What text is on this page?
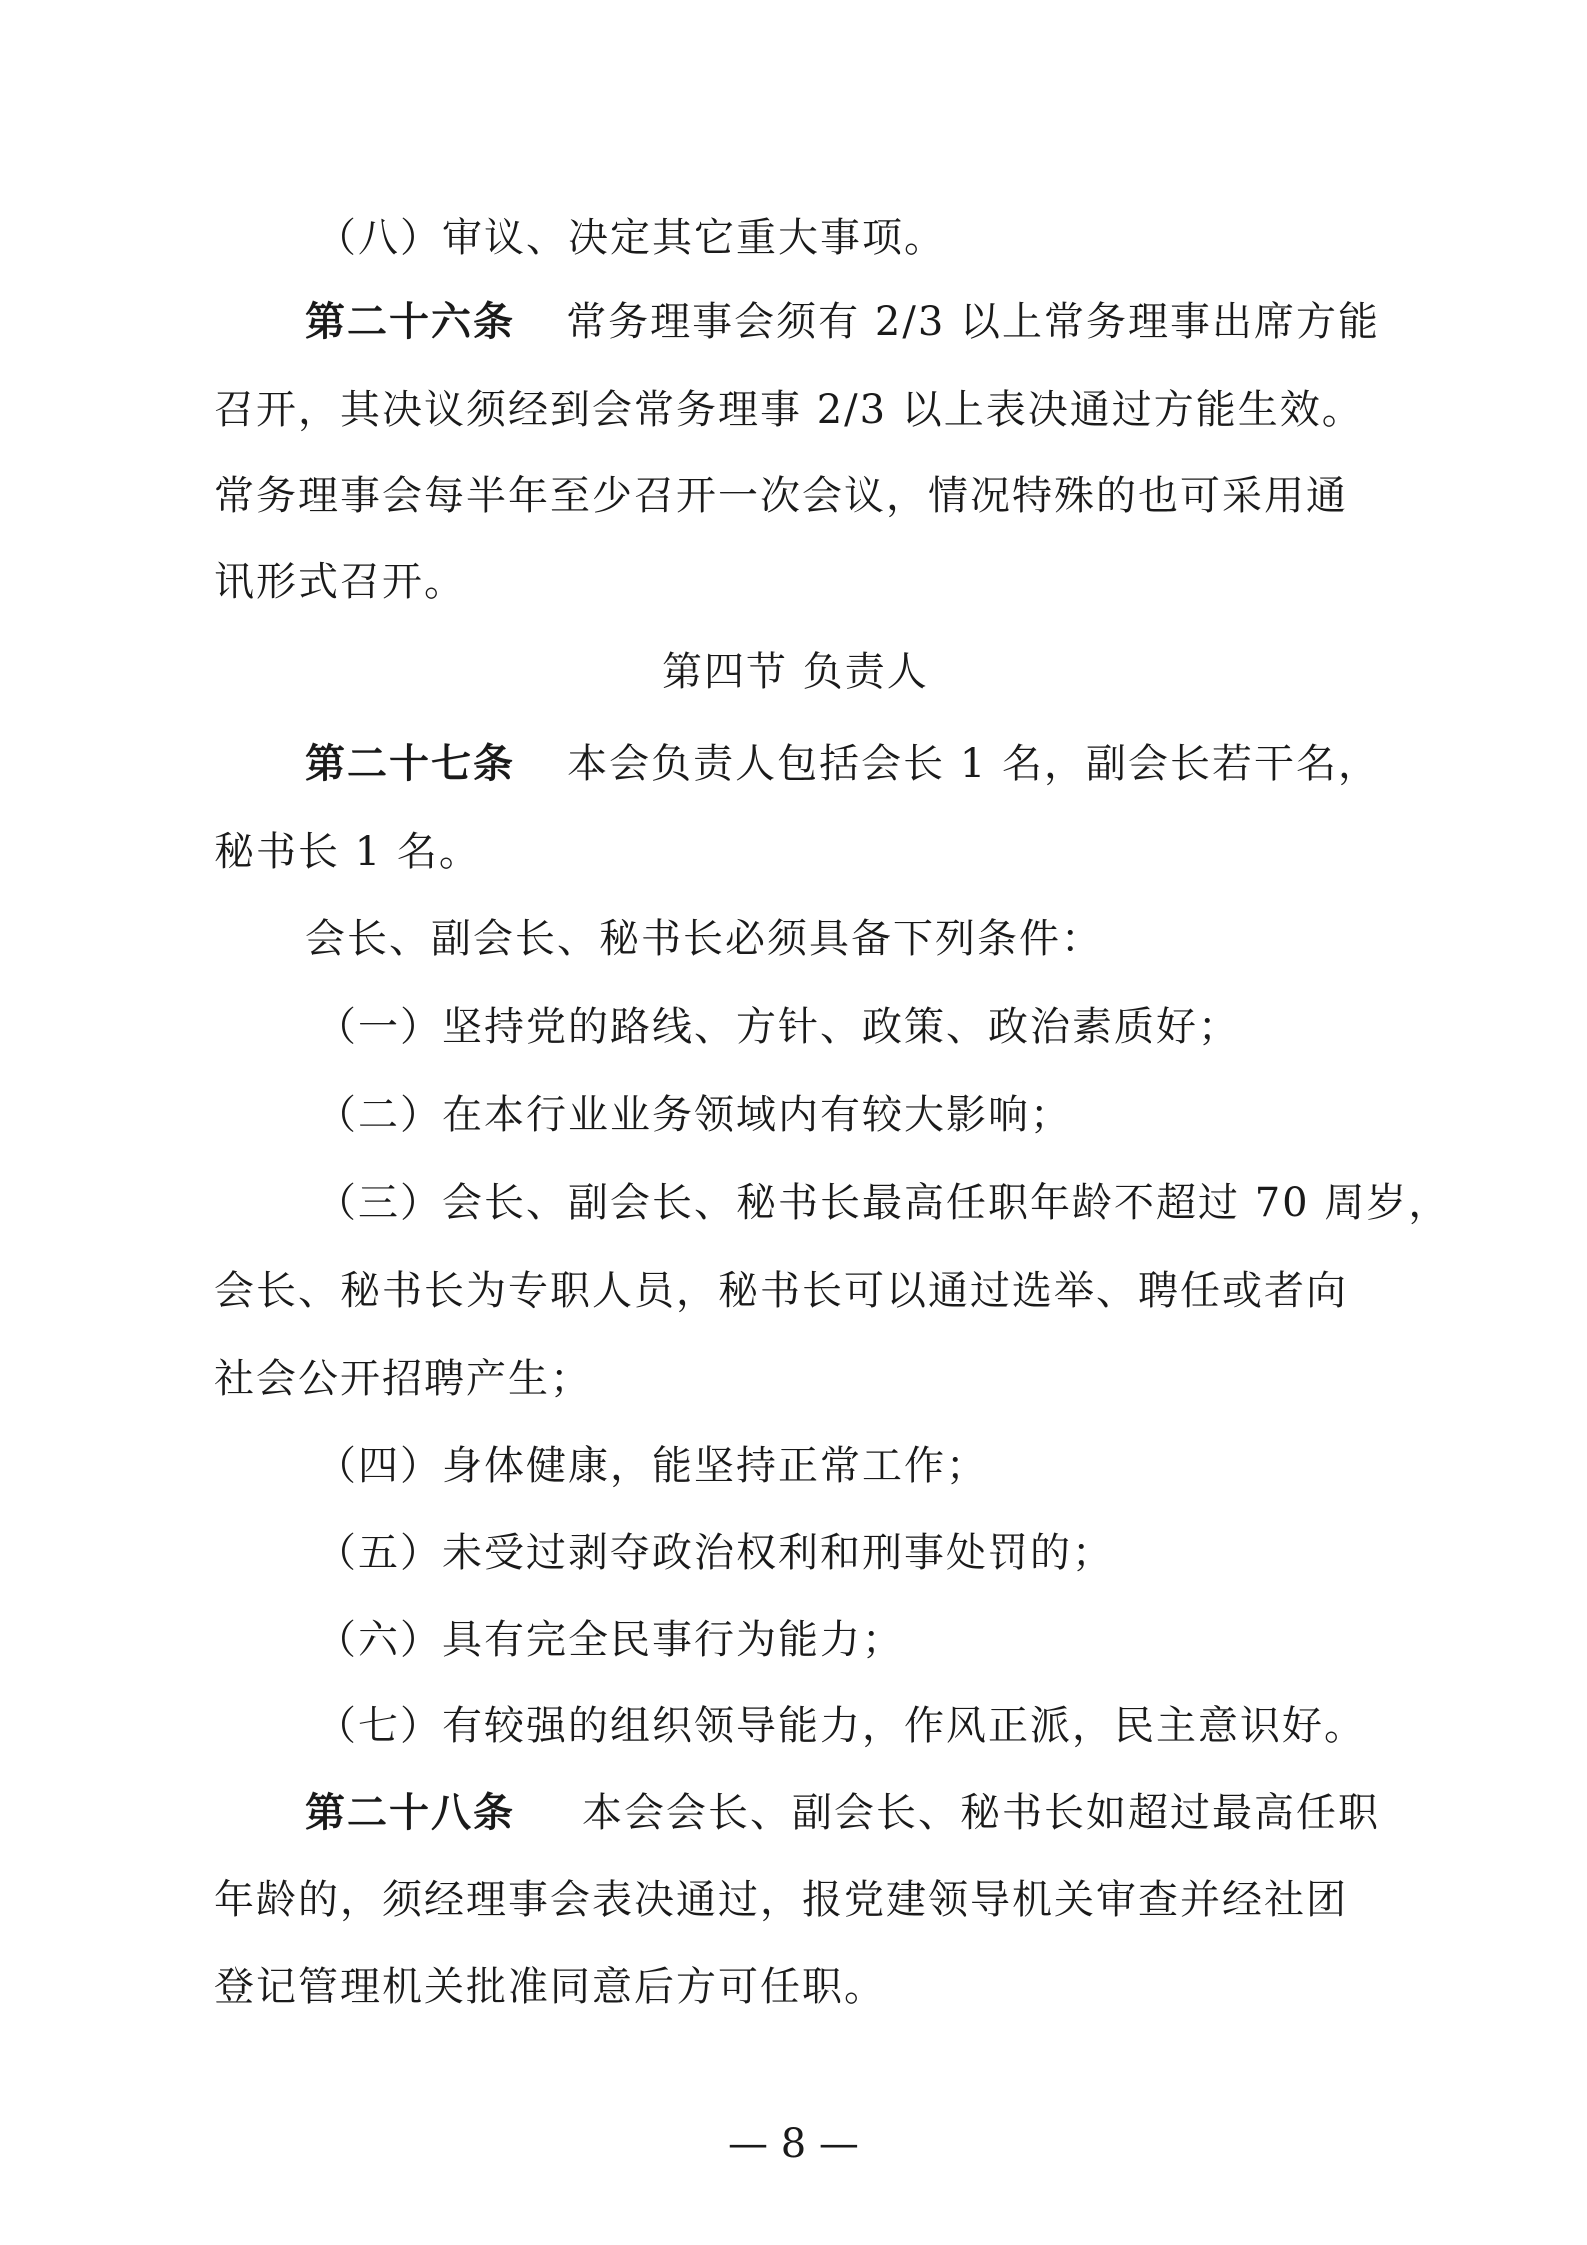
（八）审议、决定其它重大事项。
第二十六条 常务理事会须有 2/3 以上常务理事出席方能
召开，其决议须经到会常务理事 2/3 以上表决通过方能生效。
常务理事会每半年至少召开一次会议，情况特殊的也可采用通
讯形式召开。
第四节 负责人
第二十七条 本会负责人包括会长 1 名，副会长若干名，
秘书长 1 名。
会长、副会长、秘书长必须具备下列条件：
（一）坚持党的路线、方针、政策、政治素质好；
（二）在本行业业务领域内有较大影响；
（三）会长、副会长、秘书长最高任职年龄不超过 70 周岁，
会长、秘书长为专职人员，秘书长可以通过选举、聘任或者向
社会公开招聘产生；
（四）身体健康，能坚持正常工作；
（五）未受过剥夺政治权利和刑事处罚的；
（六）具有完全民事行为能力；
（七）有较强的组织领导能力，作风正派，民主意识好。
第二十八条 本会会长、副会长、秘书长如超过最高任职
年龄的，须经理事会表决通过，报党建领导机关审查并经社团
登记管理机关批准同意后方可任职。
— 8 —
